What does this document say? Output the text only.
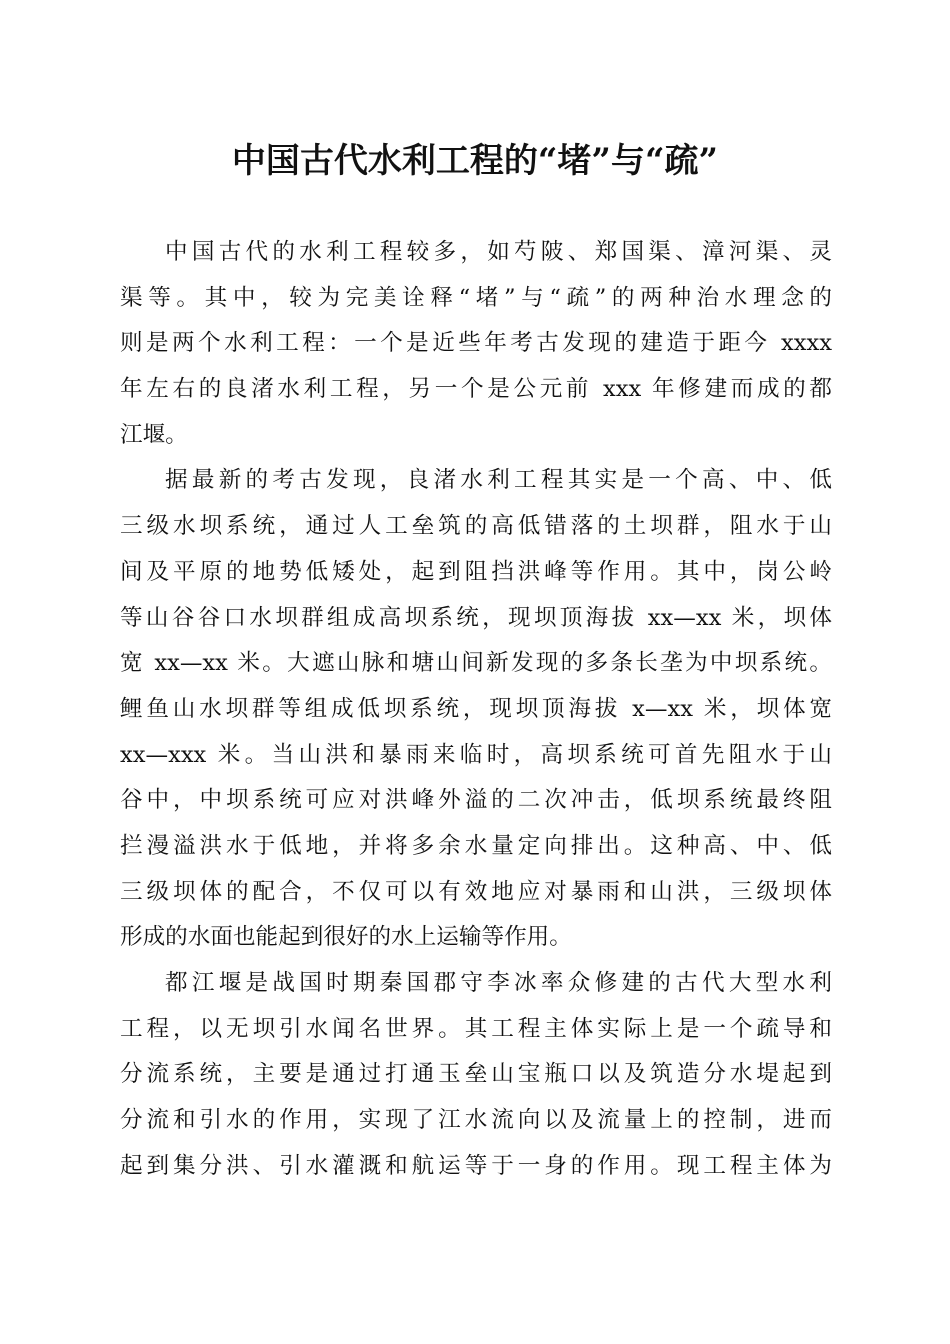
中国古代水利工程的“堵”与“疏”

中国古代的水利工程较多，如芍陂、郑国渠、漳河渠、灵
渠等。其中，较为完美诠释“堵”与“疏”的两种治水理念的
则是两个水利工程：一个是近些年考古发现的建造于距今 xxxx
年左右的良渚水利工程，另一个是公元前 xxx 年修建而成的都
江堰。

据最新的考古发现，良渚水利工程其实是一个高、中、低
三级水坝系统，通过人工垒筑的高低错落的土坝群，阻水于山
间及平原的地势低矮处，起到阻挡洪峰等作用。其中，岗公岭
等山谷谷口水坝群组成高坝系统，现坝顶海拔 xx—xx 米，坝体
宽 xx—xx 米。大遮山脉和塘山间新发现的多条长垄为中坝系统。
鲤鱼山水坝群等组成低坝系统，现坝顶海拔 x—xx 米，坝体宽
xx—xxx 米。当山洪和暴雨来临时，高坝系统可首先阻水于山
谷中，中坝系统可应对洪峰外溢的二次冲击，低坝系统最终阻
拦漫溢洪水于低地，并将多余水量定向排出。这种高、中、低
三级坝体的配合，不仅可以有效地应对暴雨和山洪，三级坝体
形成的水面也能起到很好的水上运输等作用。

都江堰是战国时期秦国郡守李冰率众修建的古代大型水利
工程，以无坝引水闻名世界。其工程主体实际上是一个疏导和
分流系统，主要是通过打通玉垒山宝瓶口以及筑造分水堤起到
分流和引水的作用，实现了江水流向以及流量上的控制，进而
起到集分洪、引水灌溉和航运等于一身的作用。现工程主体为
